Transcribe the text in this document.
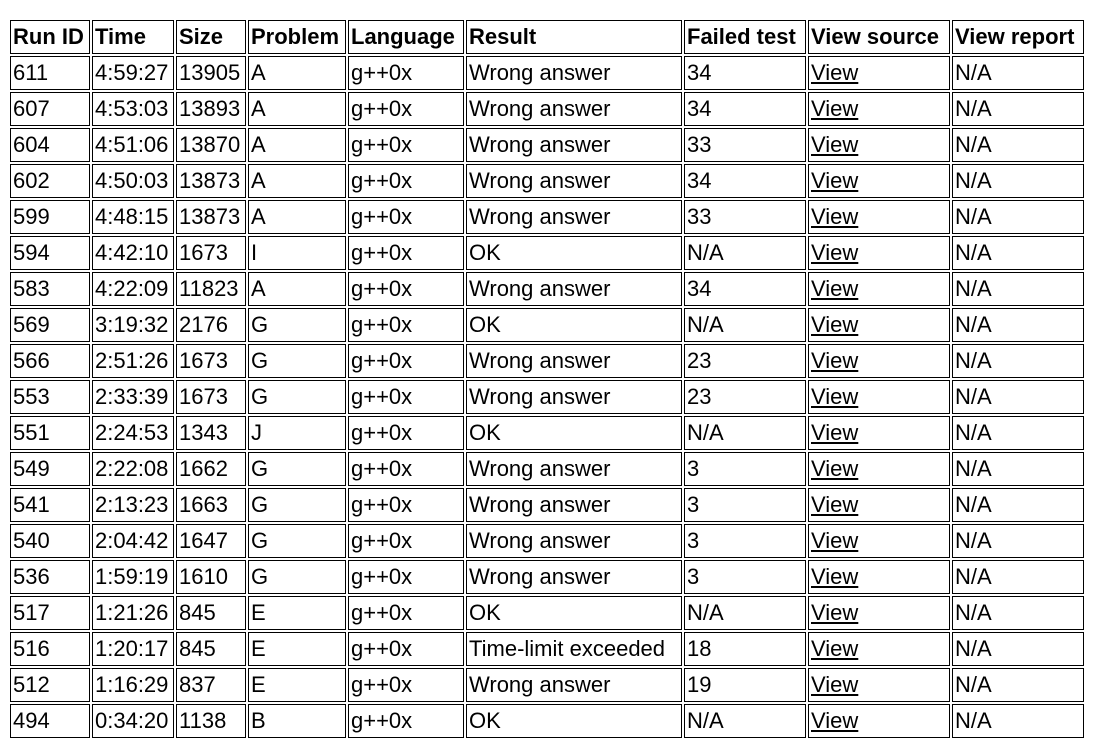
Run ID	Time	Size	Problem	Language	Result	Failed test	View source	View report
611	4:59:27	13905	A	g++0x	Wrong answer	34	View	N/A
607	4:53:03	13893	A	g++0x	Wrong answer	34	View	N/A
604	4:51:06	13870	A	g++0x	Wrong answer	33	View	N/A
602	4:50:03	13873	A	g++0x	Wrong answer	34	View	N/A
599	4:48:15	13873	A	g++0x	Wrong answer	33	View	N/A
594	4:42:10	1673	I	g++0x	OK	N/A	View	N/A
583	4:22:09	11823	A	g++0x	Wrong answer	34	View	N/A
569	3:19:32	2176	G	g++0x	OK	N/A	View	N/A
566	2:51:26	1673	G	g++0x	Wrong answer	23	View	N/A
553	2:33:39	1673	G	g++0x	Wrong answer	23	View	N/A
551	2:24:53	1343	J	g++0x	OK	N/A	View	N/A
549	2:22:08	1662	G	g++0x	Wrong answer	3	View	N/A
541	2:13:23	1663	G	g++0x	Wrong answer	3	View	N/A
540	2:04:42	1647	G	g++0x	Wrong answer	3	View	N/A
536	1:59:19	1610	G	g++0x	Wrong answer	3	View	N/A
517	1:21:26	845	E	g++0x	OK	N/A	View	N/A
516	1:20:17	845	E	g++0x	Time-limit exceeded	18	View	N/A
512	1:16:29	837	E	g++0x	Wrong answer	19	View	N/A
494	0:34:20	1138	B	g++0x	OK	N/A	View	N/A
